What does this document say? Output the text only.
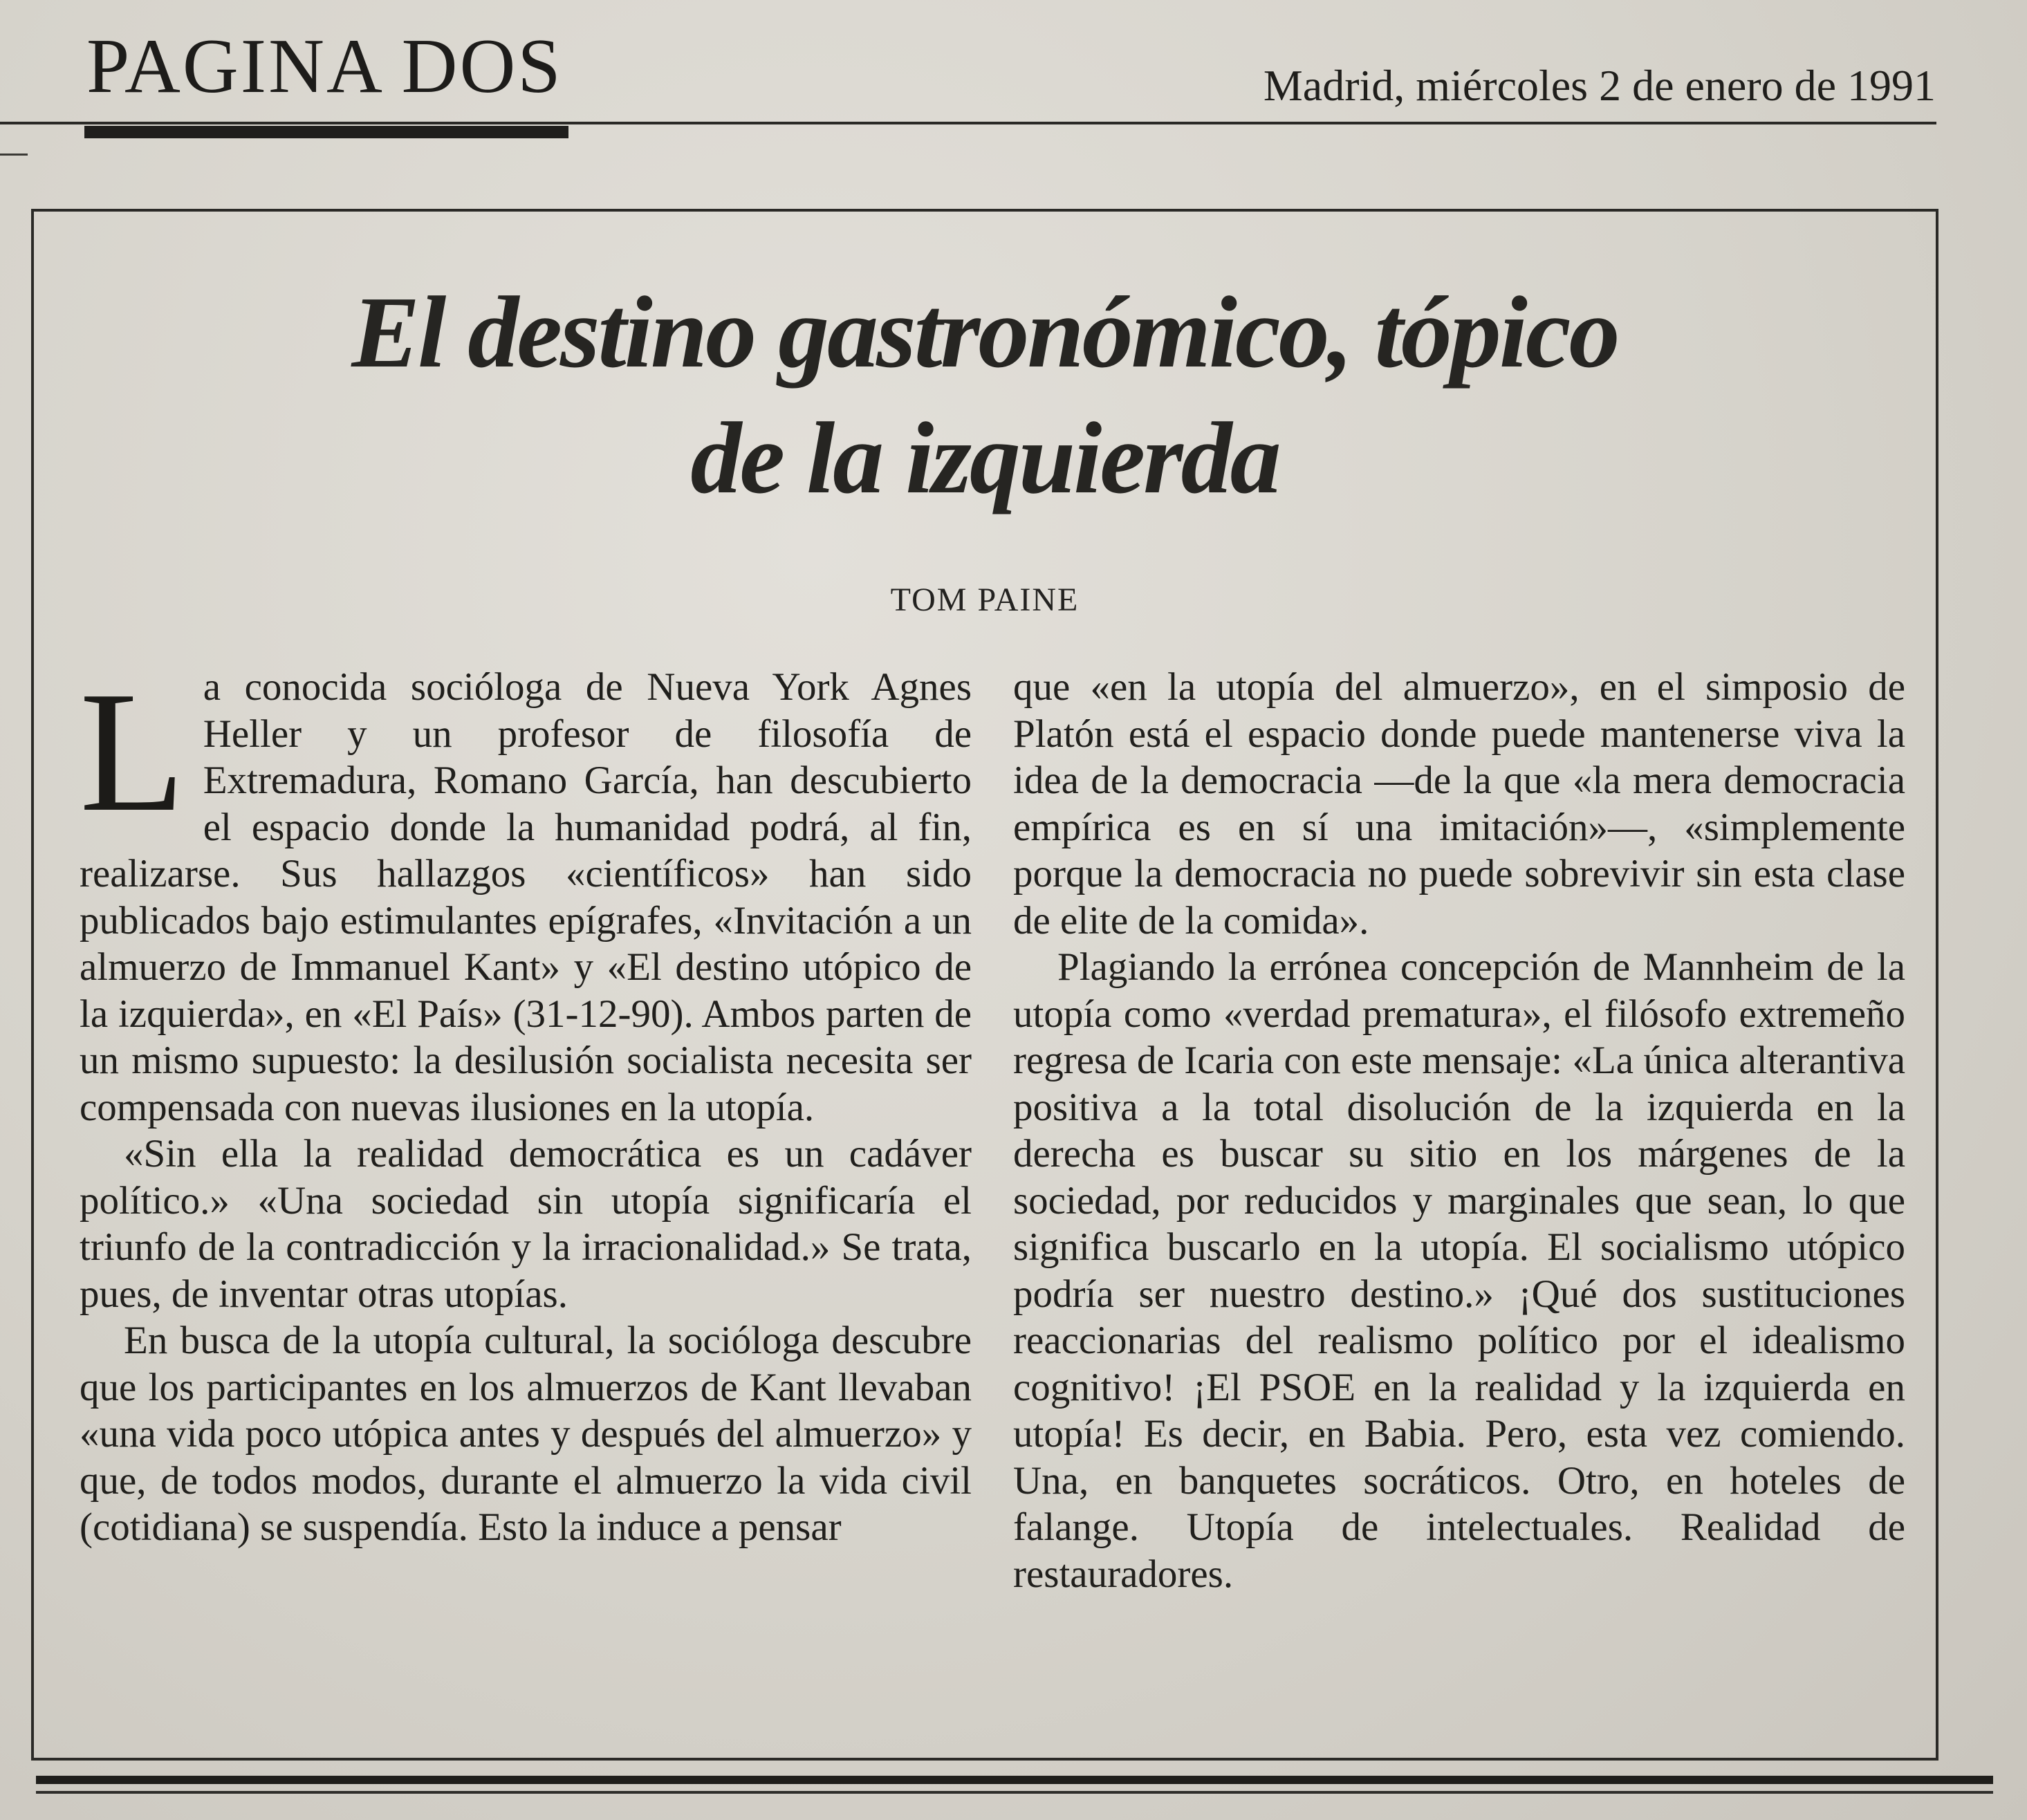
PAGINA DOS	Madrid, miércoles 2 de enero de 1991
El destino gastronómico, tópico
de la izquierda
TOM PAINE

La conocida socióloga de Nueva York Agnes Heller y un profesor de filosofía de Extremadura, Romano García, han descubierto el espacio donde la humanidad podrá, al fin, realizarse. Sus hallazgos «científicos» han sido publicados bajo estimulantes epígrafes, «Invitación a un almuerzo de Immanuel Kant» y «El destino utópico de la izquierda», en «El País» (31-12-90). Ambos parten de un mismo supuesto: la desilusión socialista necesita ser compensada con nuevas ilusiones en la utopía.

«Sin ella la realidad democrática es un cadáver político.» «Una sociedad sin utopía significaría el triunfo de la contradicción y la irracionalidad.» Se trata, pues, de inventar otras utopías.

En busca de la utopía cultural, la socióloga descubre que los participantes en los almuerzos de Kant llevaban «una vida poco utópica antes y después del almuerzo» y que, de todos modos, durante el almuerzo la vida civil (cotidiana) se suspendía. Esto la induce a pensar

que «en la utopía del almuerzo», en el simposio de Platón está el espacio donde puede mantenerse viva la idea de la democracia —de la que «la mera democracia empírica es en sí una imitación»—, «simplemente porque la democracia no puede sobrevivir sin esta clase de elite de la comida».

Plagiando la errónea concepción de Mannheim de la utopía como «verdad prematura», el filósofo extremeño regresa de Icaria con este mensaje: «La única alterantiva positiva a la total disolución de la izquierda en la derecha es buscar su sitio en los márgenes de la sociedad, por reducidos y marginales que sean, lo que significa buscarlo en la utopía. El socialismo utópico podría ser nuestro destino.» ¡Qué dos sustituciones reaccionarias del realismo político por el idealismo cognitivo! ¡El PSOE en la realidad y la izquierda en utopía! Es decir, en Babia. Pero, esta vez comiendo. Una, en banquetes socráticos. Otro, en hoteles de falange. Utopía de intelectuales. Realidad de restauradores.
